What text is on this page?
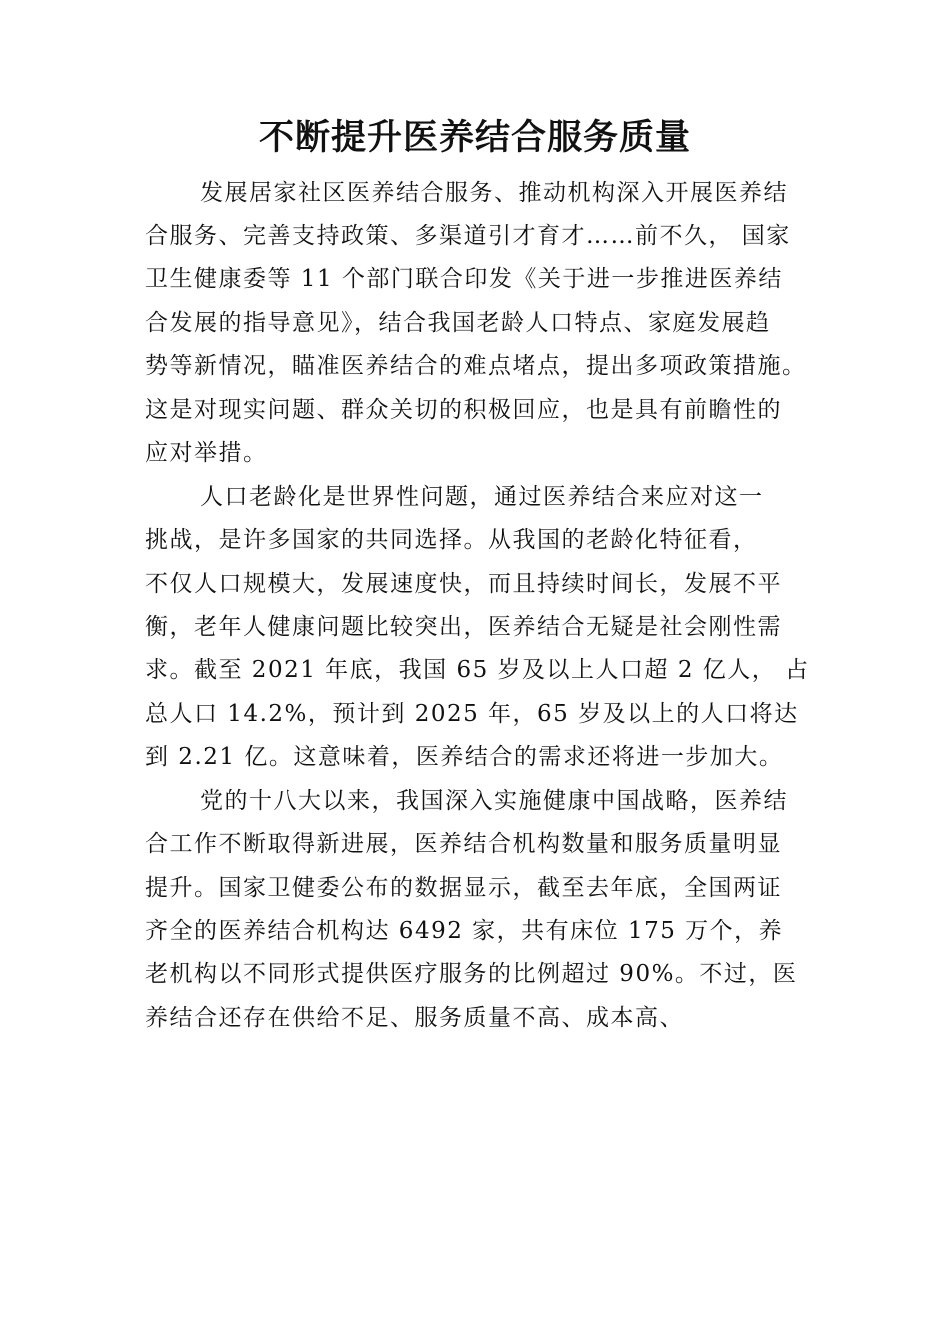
不断提升医养结合服务质量

发展居家社区医养结合服务、推动机构深入开展医养结

合服务、完善支持政策、多渠道引才育才……前不久， 国家

卫生健康委等 11 个部门联合印发《关于进一步推进医养结

合发展的指导意见》，结合我国老龄人口特点、家庭发展趋

势等新情况，瞄准医养结合的难点堵点，提出多项政策措施。

这是对现实问题、群众关切的积极回应，也是具有前瞻性的

应对举措。

人口老龄化是世界性问题，通过医养结合来应对这一

挑战，是许多国家的共同选择。从我国的老龄化特征看，

不仅人口规模大，发展速度快，而且持续时间长，发展不平

衡，老年人健康问题比较突出，医养结合无疑是社会刚性需

求。截至 2021 年底，我国 65 岁及以上人口超 2 亿人， 占

总人口 14.2%，预计到 2025 年，65 岁及以上的人口将达

到 2.21 亿。这意味着，医养结合的需求还将进一步加大。

党的十八大以来，我国深入实施健康中国战略，医养结

合工作不断取得新进展，医养结合机构数量和服务质量明显

提升。国家卫健委公布的数据显示，截至去年底，全国两证

齐全的医养结合机构达 6492 家，共有床位 175 万个，养

老机构以不同形式提供医疗服务的比例超过 90%。不过，医

养结合还存在供给不足、服务质量不高、成本高、
